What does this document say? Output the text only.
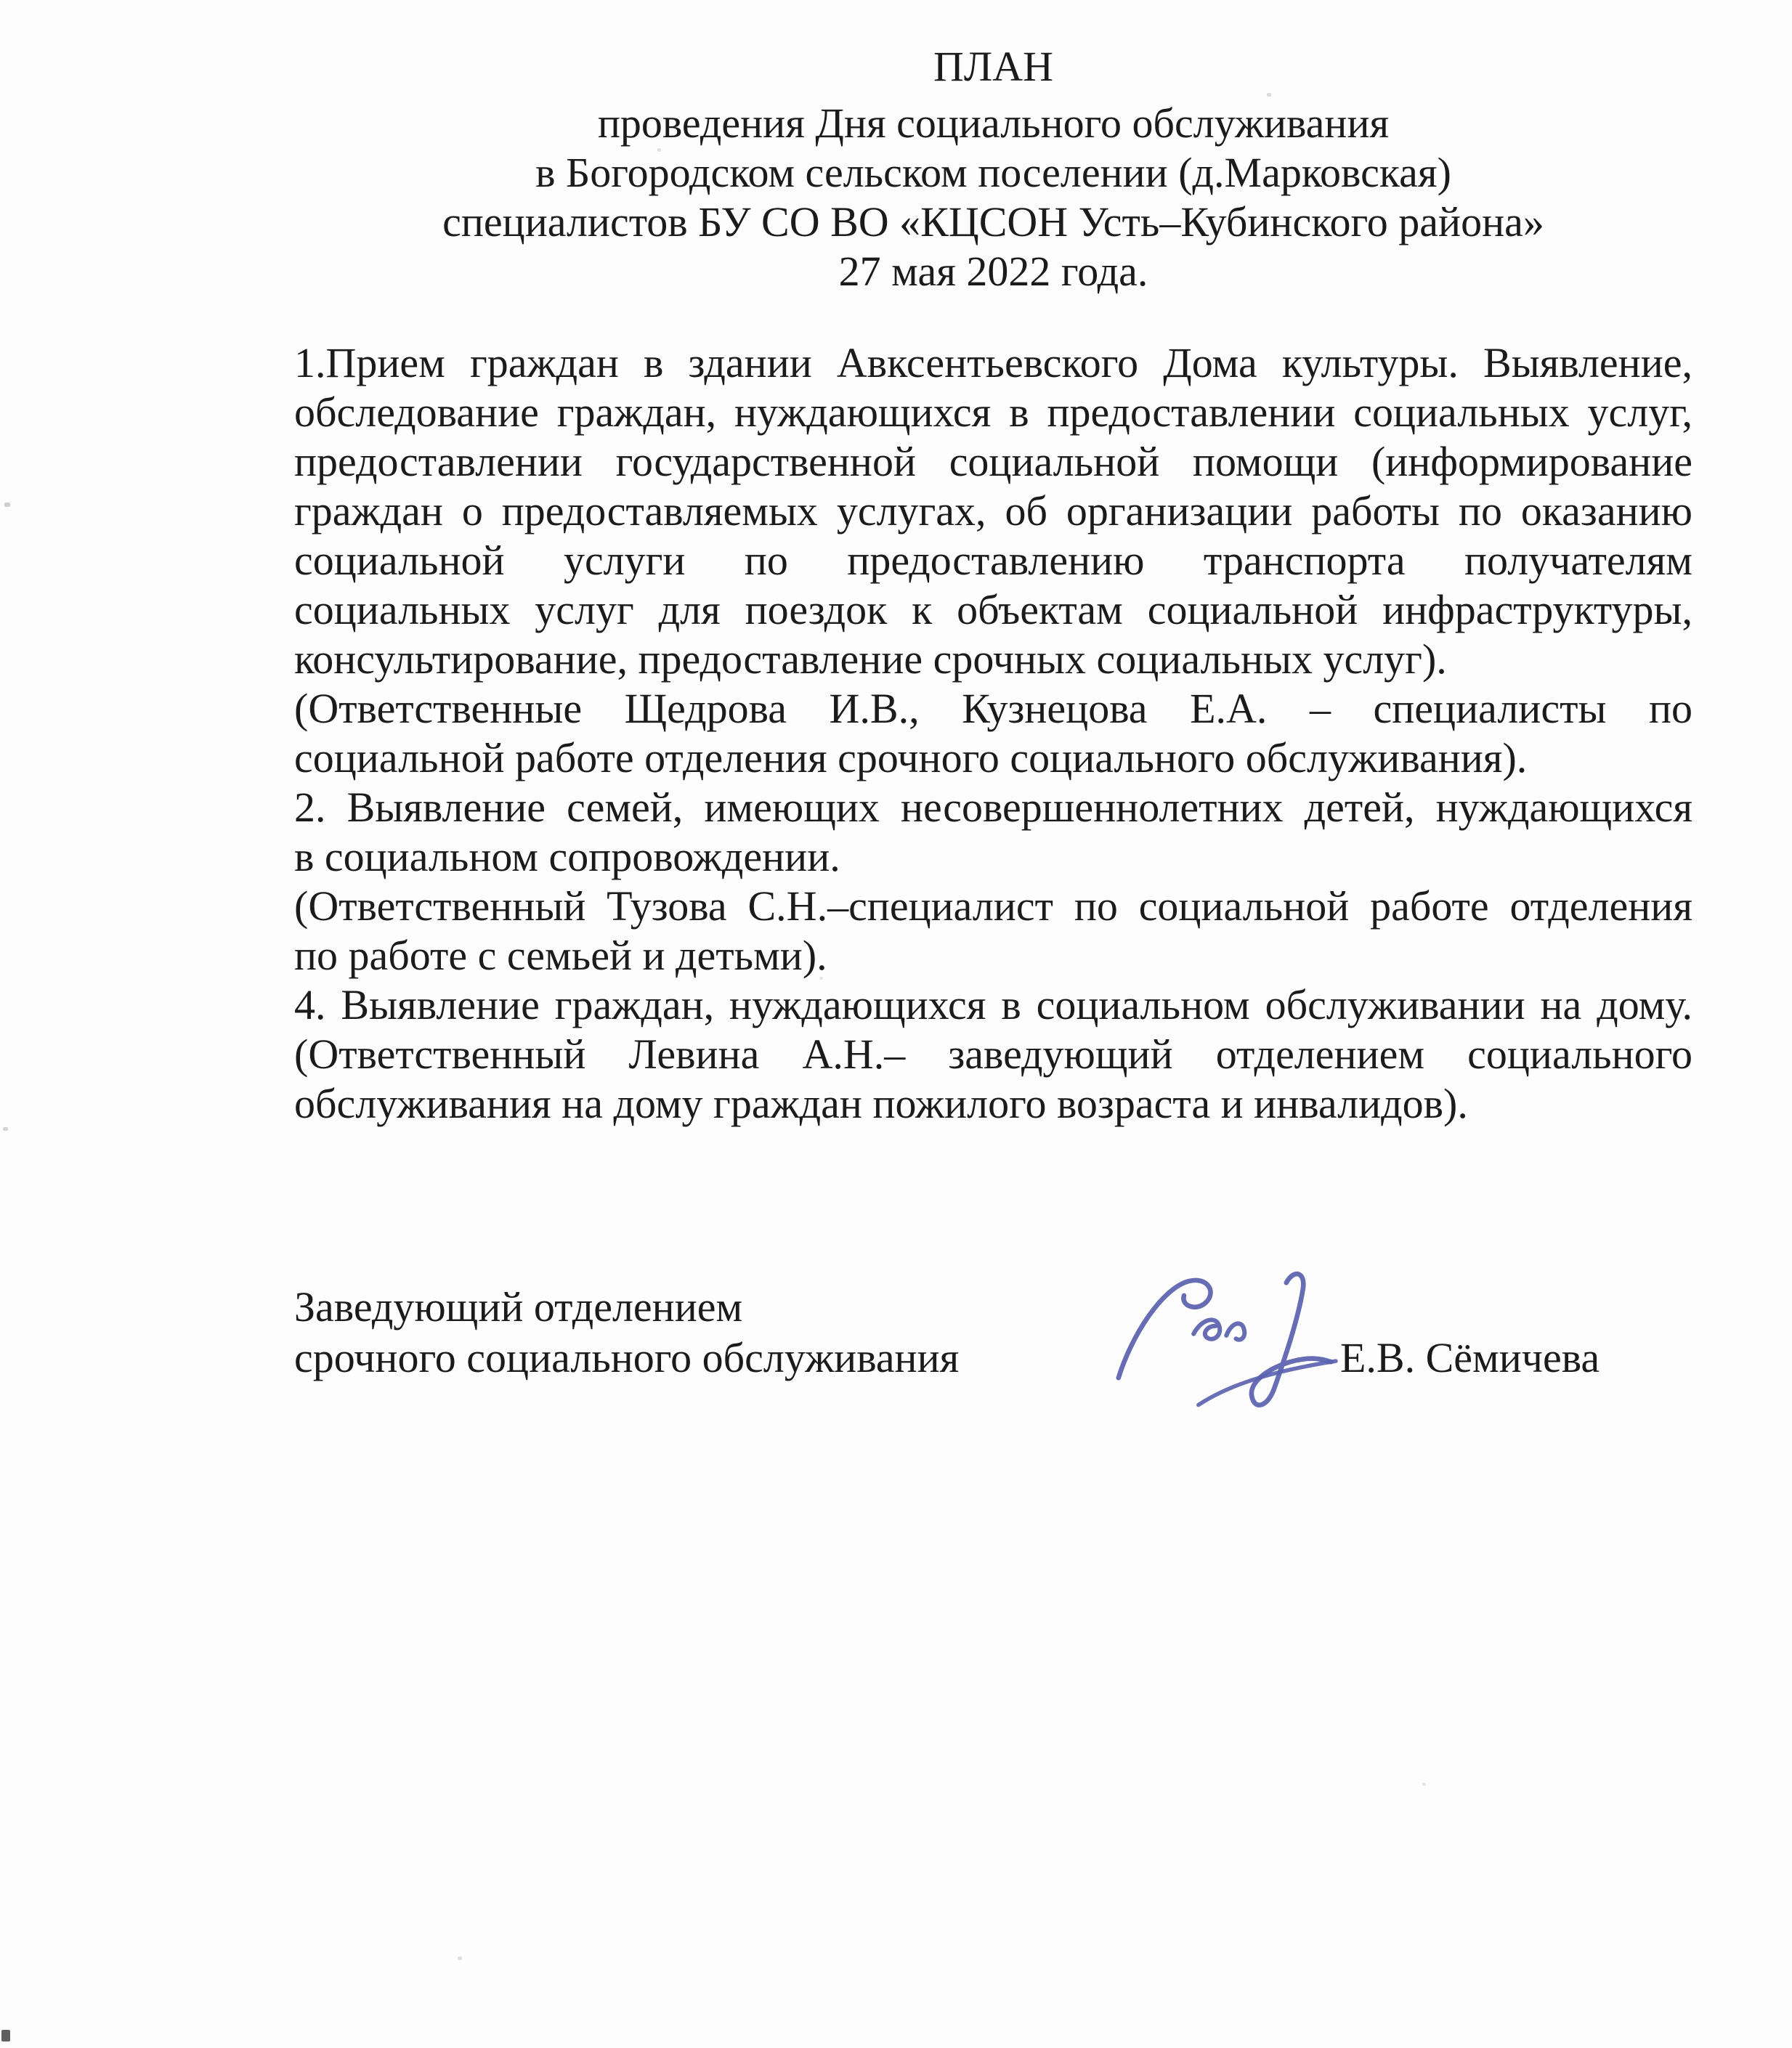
ПЛАН
проведения Дня социального обслуживания
в Богородском сельском поселении (д.Марковская)
специалистов БУ СО ВО «КЦСОН Усть–Кубинского района»
27 мая 2022 года.
1.Прием граждан в здании Авксентьевского Дома культуры. Выявление,
обследование граждан, нуждающихся в предоставлении социальных услуг,
предоставлении государственной социальной помощи (информирование
граждан о предоставляемых услугах, об организации работы по оказанию
социальной услуги по предоставлению транспорта получателям
социальных услуг для поездок к объектам социальной инфраструктуры,
консультирование, предоставление срочных социальных услуг).
(Ответственные Щедрова И.В., Кузнецова Е.А. – специалисты по
социальной работе отделения срочного социального обслуживания).
2. Выявление семей, имеющих несовершеннолетних детей, нуждающихся
в социальном сопровождении.
(Ответственный Тузова С.Н.–специалист по социальной работе отделения
по работе с семьей и детьми).
4. Выявление граждан, нуждающихся в социальном обслуживании на дому.
(Ответственный Левина А.Н.– заведующий отделением социального
обслуживания на дому граждан пожилого возраста и инвалидов).
Заведующий отделением
срочного социального обслуживания	Е.В. Сёмичева
